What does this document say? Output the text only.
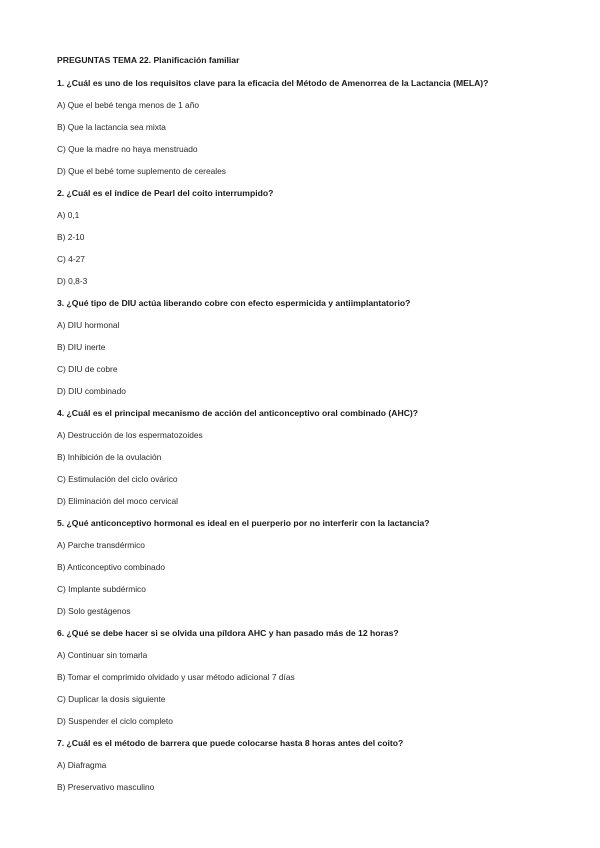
PREGUNTAS TEMA 22. Planificación familiar
1. ¿Cuál es uno de los requisitos clave para la eficacia del Método de Amenorrea de la Lactancia (MELA)?
A) Que el bebé tenga menos de 1 año
B) Que la lactancia sea mixta
C) Que la madre no haya menstruado
D) Que el bebé tome suplemento de cereales
2. ¿Cuál es el índice de Pearl del coito interrumpido?
A) 0,1
B) 2-10
C) 4-27
D) 0,8-3
3. ¿Qué tipo de DIU actúa liberando cobre con efecto espermicida y antiimplantatorio?
A) DIU hormonal
B) DIU inerte
C) DIU de cobre
D) DIU combinado
4. ¿Cuál es el principal mecanismo de acción del anticonceptivo oral combinado (AHC)?
A) Destrucción de los espermatozoides
B) Inhibición de la ovulación
C) Estimulación del ciclo ovárico
D) Eliminación del moco cervical
5. ¿Qué anticonceptivo hormonal es ideal en el puerperio por no interferir con la lactancia?
A) Parche transdérmico
B) Anticonceptivo combinado
C) Implante subdérmico
D) Solo gestágenos
6. ¿Qué se debe hacer si se olvida una píldora AHC y han pasado más de 12 horas?
A) Continuar sin tomarla
B) Tomar el comprimido olvidado y usar método adicional 7 días
C) Duplicar la dosis siguiente
D) Suspender el ciclo completo
7. ¿Cuál es el método de barrera que puede colocarse hasta 8 horas antes del coito?
A) Diafragma
B) Preservativo masculino
